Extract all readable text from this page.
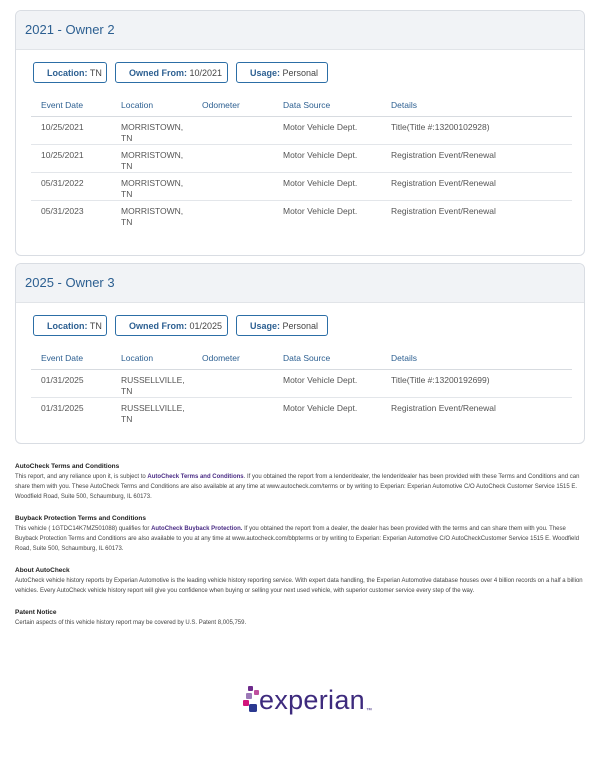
2021 - Owner 2
Location: TN	Owned From: 10/2021	Usage: Personal
Event Date	Location	Odometer	Data Source	Details
10/25/2021	MORRISTOWN, TN		Motor Vehicle Dept.	Title(Title #:13200102928)
10/25/2021	MORRISTOWN, TN		Motor Vehicle Dept.	Registration Event/Renewal
05/31/2022	MORRISTOWN, TN		Motor Vehicle Dept.	Registration Event/Renewal
05/31/2023	MORRISTOWN, TN		Motor Vehicle Dept.	Registration Event/Renewal
2025 - Owner 3
Location: TN	Owned From: 01/2025	Usage: Personal
Event Date	Location	Odometer	Data Source	Details
01/31/2025	RUSSELLVILLE, TN		Motor Vehicle Dept.	Title(Title #:13200192699)
01/31/2025	RUSSELLVILLE, TN		Motor Vehicle Dept.	Registration Event/Renewal
AutoCheck Terms and Conditions

This report, and any reliance upon it, is subject to AutoCheck Terms and Conditions. If you obtained the report from a lender/dealer, the lender/dealer has been provided with these Terms and Conditions and can share them with you. These AutoCheck Terms and Conditions are also available at any time at www.autocheck.com/terms or by writing to Experian: Experian Automotive C/O AutoCheck Customer Service 1515 E. Woodfield Road, Suite 500, Schaumburg, IL 60173.

Buyback Protection Terms and Conditions

This vehicle ( 1GTDC14K7MZ501088) qualifies for AutoCheck Buyback Protection. If you obtained the report from a dealer, the dealer has been provided with the terms and can share them with you. These Buyback Protection Terms and Conditions are also available to you at any time at www.autocheck.com/bbpterms or by writing to Experian: Experian Automotive C/O AutoCheckCustomer Service 1515 E. Woodfield Road, Suite 500, Schaumburg, IL 60173.

About AutoCheck

AutoCheck vehicle history reports by Experian Automotive is the leading vehicle history reporting service. With expert data handling, the Experian Automotive database houses over 4 billion records on a half a billion vehicles. Every AutoCheck vehicle history report will give you confidence when buying or selling your next used vehicle, with superior customer service every step of the way.

Patent Notice

Certain aspects of this vehicle history report may be covered by U.S. Patent 8,005,759.

experian ™
